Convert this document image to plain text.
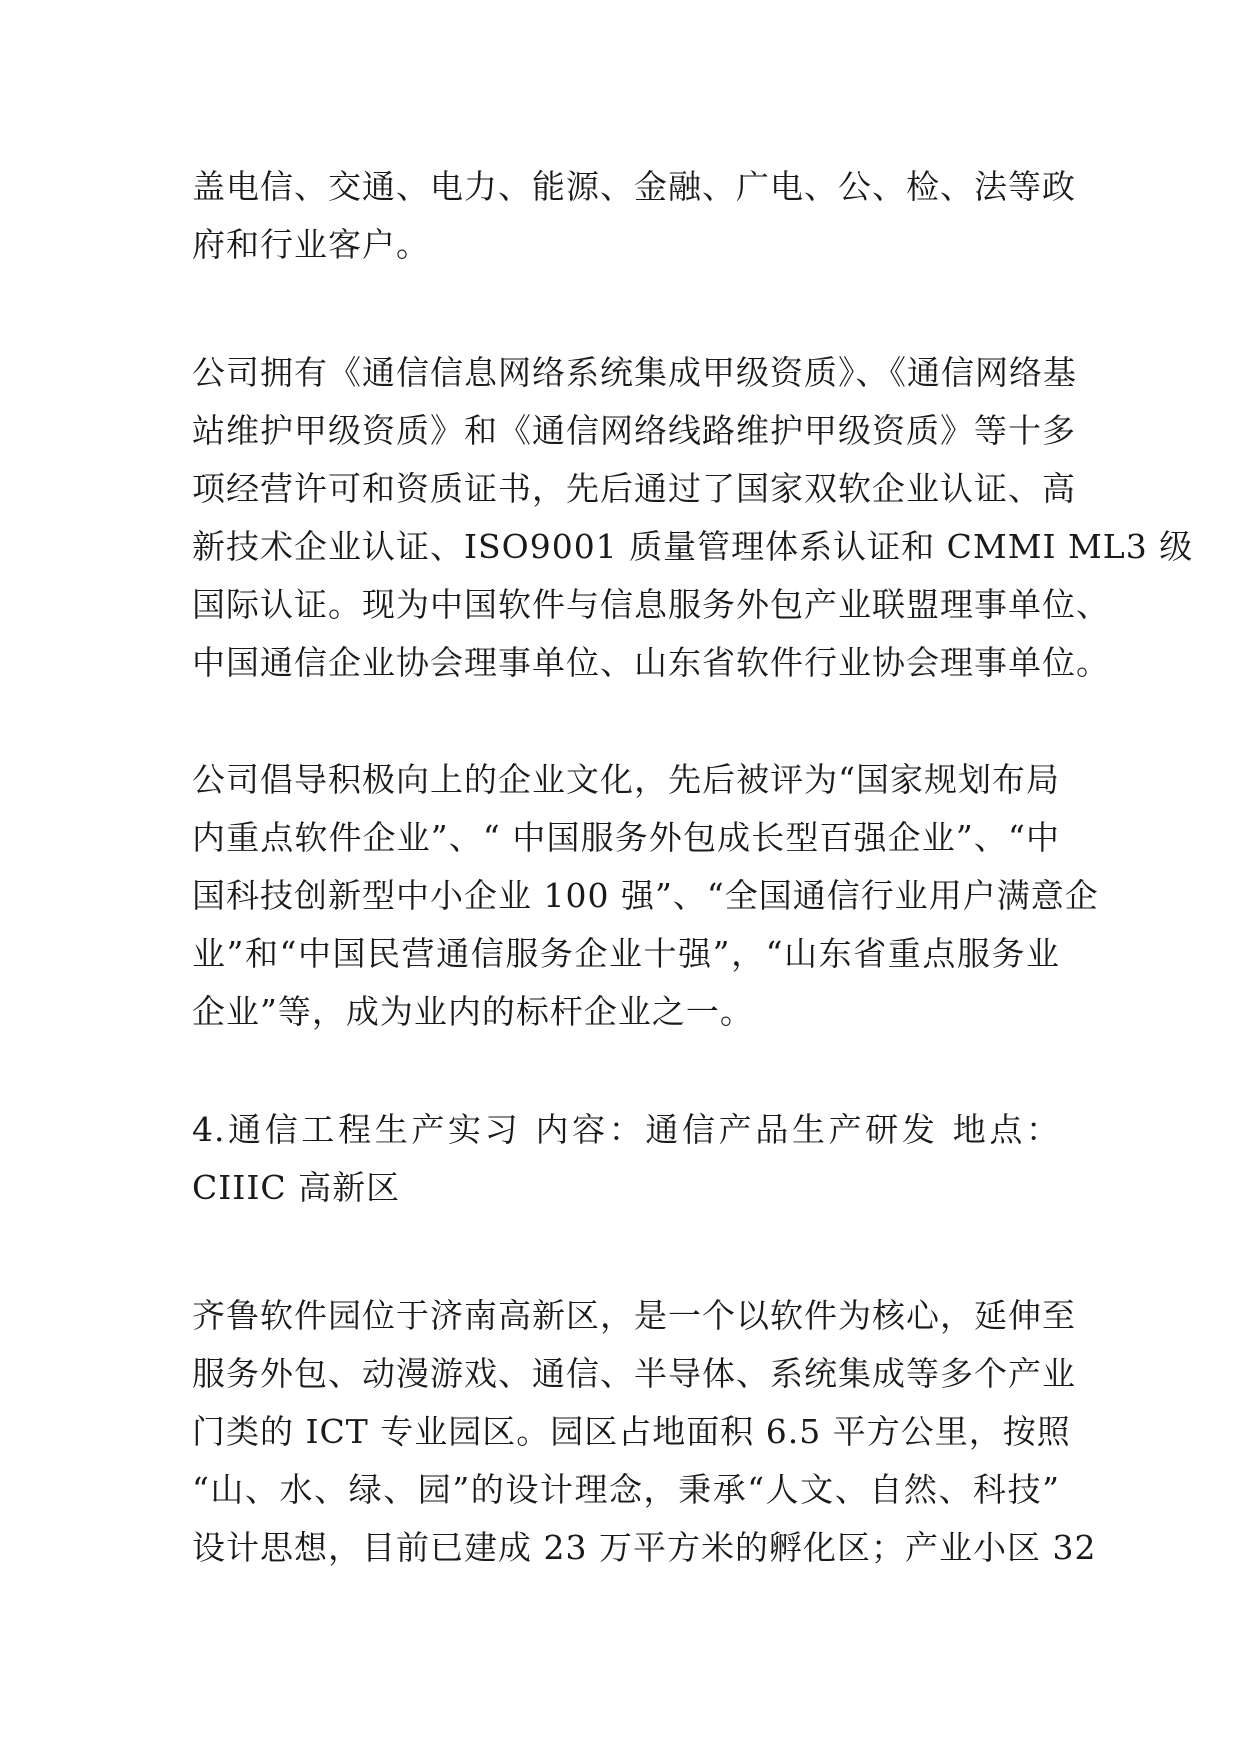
盖电信、交通、电力、能源、金融、广电、公、检、法等政
府和行业客户。
公司拥有《通信信息网络系统集成甲级资质》、《通信网络基
站维护甲级资质》和《通信网络线路维护甲级资质》等十多
项经营许可和资质证书，先后通过了国家双软企业认证、高
新技术企业认证、ISO9001 质量管理体系认证和 CMMI ML3 级
国际认证。现为中国软件与信息服务外包产业联盟理事单位、
中国通信企业协会理事单位、山东省软件行业协会理事单位。
公司倡导积极向上的企业文化，先后被评为“国家规划布局
内重点软件企业”、“ 中国服务外包成长型百强企业”、“中
国科技创新型中小企业 100 强”、“全国通信行业用户满意企
业”和“中国民营通信服务企业十强”，“山东省重点服务业
企业”等，成为业内的标杆企业之一。
4.通信工程生产实习 内容：通信产品生产研发 地点：
CIIIC 高新区
齐鲁软件园位于济南高新区，是一个以软件为核心，延伸至
服务外包、动漫游戏、通信、半导体、系统集成等多个产业
门类的 ICT 专业园区。园区占地面积 6.5 平方公里，按照
“山、水、绿、园”的设计理念，秉承“人文、自然、科技”
设计思想，目前已建成 23 万平方米的孵化区；产业小区 32
